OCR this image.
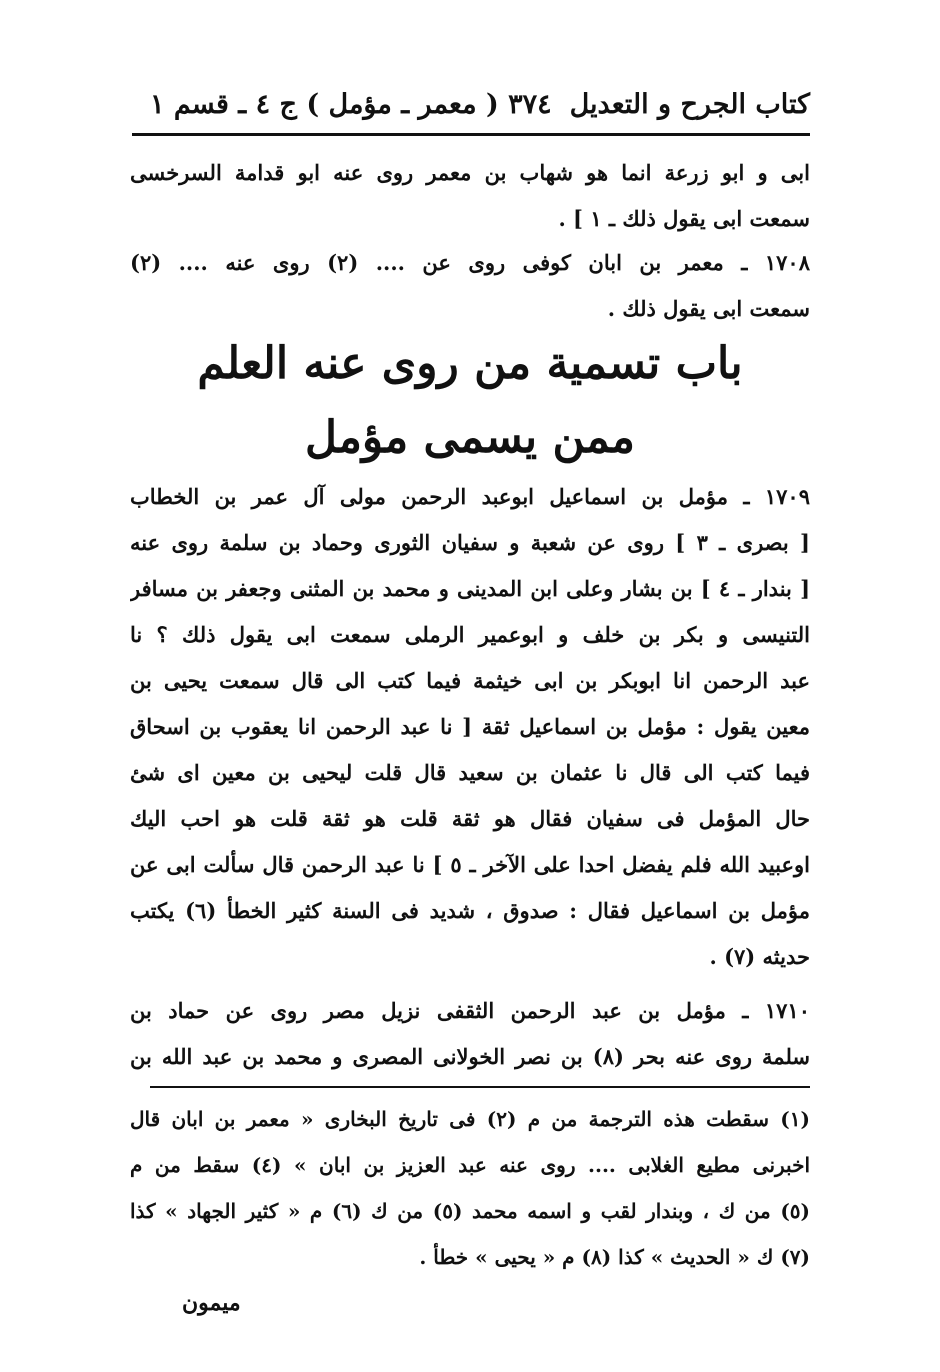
كتاب الجرح و التعديل
٣٧٤ ( معمر ـ مؤمل ) ج ٤ ـ قسم ١
ابى و ابو زرعة انما هو شهاب بن معمر روى عنه ابو قدامة السرخسى
سمعت ابى يقول ذلك ـ ١ ] .
١٧٠٨ ـ معمر بن ابان كوفى روى عن .... (٢) روى عنه .... (٢)
سمعت ابى يقول ذلك .
باب تسمية من روى عنه العلم
ممن يسمى مؤمل
١٧٠٩ ـ مؤمل بن اسماعيل ابوعبد الرحمن مولى آل عمر بن الخطاب
[ بصرى ـ ٣ ] روى عن شعبة و سفيان الثورى وحماد بن سلمة روى عنه
[ بندار ـ ٤ ] بن بشار وعلى ابن المدينى و محمد بن المثنى وجعفر بن مسافر
التنيسى و بكر بن خلف و ابوعمير الرملى سمعت ابى يقول ذلك ؟ نا
عبد الرحمن انا ابوبكر بن ابى خيثمة فيما كتب الى قال سمعت يحيى بن
معين يقول : مؤمل بن اسماعيل ثقة [ نا عبد الرحمن انا يعقوب بن اسحاق
فيما كتب الى قال نا عثمان بن سعيد قال قلت ليحيى بن معين اى شئ
حال المؤمل فى سفيان فقال هو ثقة قلت هو ثقة قلت هو احب اليك
اوعبيد الله فلم يفضل احدا على الآخر ـ ٥ ] نا عبد الرحمن قال سألت ابى عن
مؤمل بن اسماعيل فقال : صدوق ، شديد فى السنة كثير الخطأ (٦) يكتب
حديثه (٧) .
١٧١٠ ـ مؤمل بن عبد الرحمن الثقفى نزيل مصر روى عن حماد بن
سلمة روى عنه بحر (٨) بن نصر الخولانى المصرى و محمد بن عبد الله بن
(١) سقطت هذه الترجمة من م (٢) فى تاريخ البخارى « معمر بن ابان قال
اخبرنى مطيع الغلابى .... روى عنه عبد العزيز بن ابان » (٤) سقط من م
(٥) من ك ، وبندار لقب و اسمه محمد (٥) من ك (٦) م « كثير الجهاد » كذا
(٧) ك « الحديث » كذا (٨) م « يحيى » خطأ .
ميمون
